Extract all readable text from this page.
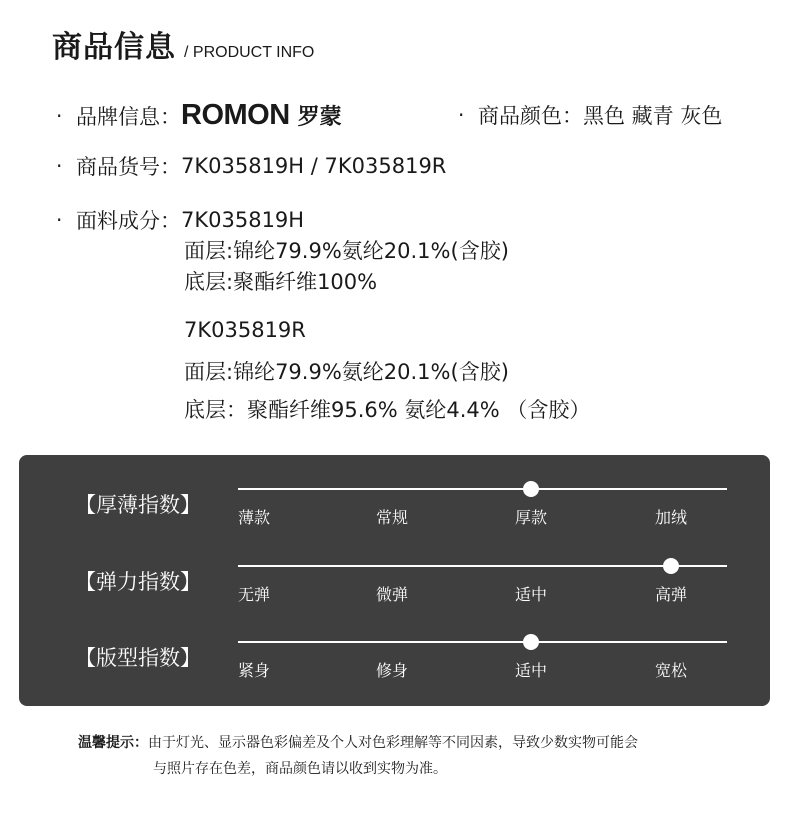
商品信息 / PRODUCT INFO
· 品牌信息： ROMON 罗蒙	· 商品颜色： 黑色 藏青 灰色
· 商品货号： 7K035819H / 7K035819R
· 面料成分： 7K035819H
面层:锦纶79.9%氨纶20.1%(含胶)
底层:聚酯纤维100%
7K035819R
面层:锦纶79.9%氨纶20.1%(含胶)
底层：聚酯纤维95.6% 氨纶4.4% （含胶）
【厚薄指数】
薄款	常规	厚款	加绒
【弹力指数】
无弹	微弹	适中	高弹
【版型指数】
紧身	修身	适中	宽松
温馨提示：由于灯光、显示器色彩偏差及个人对色彩理解等不同因素，导致少数实物可能会
与照片存在色差，商品颜色请以收到实物为准。
